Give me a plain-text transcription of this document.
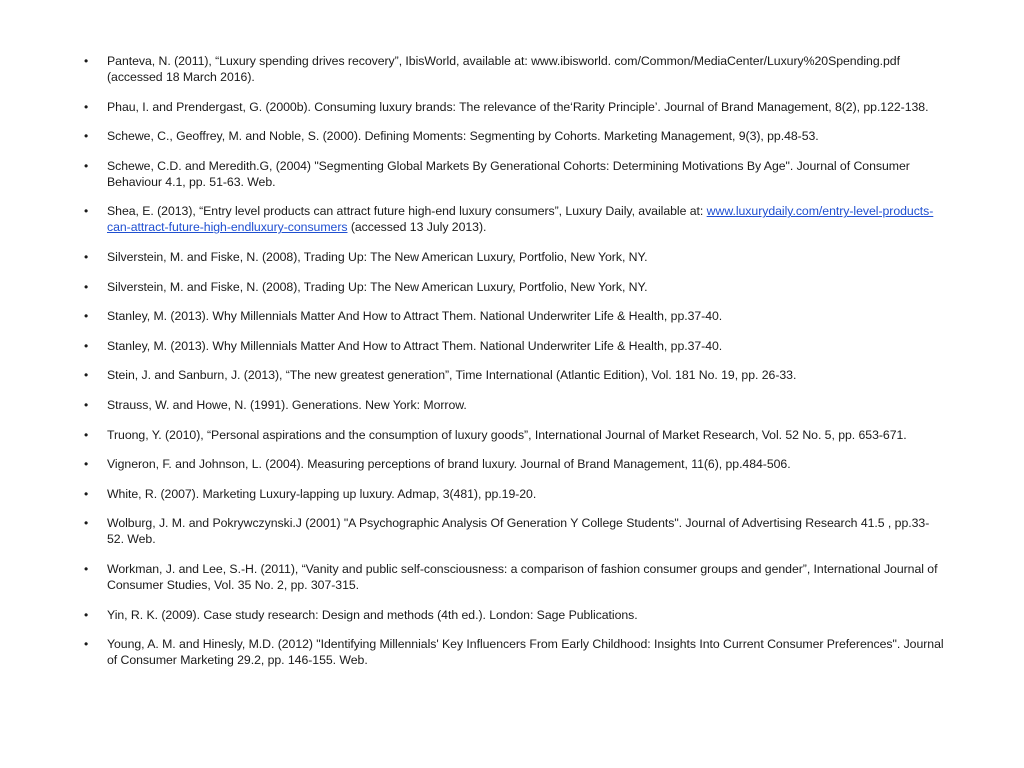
• Panteva, N. (2011), “Luxury spending drives recovery”, IbisWorld, available at: www.ibisworld. com/Common/MediaCenter/Luxury%20Spending.pdf (accessed 18 March 2016).
• Phau, I. and Prendergast, G. (2000b). Consuming luxury brands: The relevance of the‘Rarity Principle’. Journal of Brand Management, 8(2), pp.122-138.
• Schewe, C., Geoffrey, M. and Noble, S. (2000). Defining Moments: Segmenting by Cohorts. Marketing Management, 9(3), pp.48-53.
• Schewe, C.D. and Meredith.G, (2004) "Segmenting Global Markets By Generational Cohorts: Determining Motivations By Age". Journal of Consumer Behaviour 4.1, pp. 51-63. Web.
• Shea, E. (2013), “Entry level products can attract future high-end luxury consumers”, Luxury Daily, available at: www.luxurydaily.com/entry-level-products-can-attract-future-high-endluxury-consumers (accessed 13 July 2013).
• Silverstein, M. and Fiske, N. (2008), Trading Up: The New American Luxury, Portfolio, New York, NY.
• Silverstein, M. and Fiske, N. (2008), Trading Up: The New American Luxury, Portfolio, New York, NY.
• Stanley, M. (2013). Why Millennials Matter And How to Attract Them. National Underwriter Life & Health, pp.37-40.
• Stanley, M. (2013). Why Millennials Matter And How to Attract Them. National Underwriter Life & Health, pp.37-40.
• Stein, J. and Sanburn, J. (2013), “The new greatest generation”, Time International (Atlantic Edition), Vol. 181 No. 19, pp. 26-33.
• Strauss, W. and Howe, N. (1991). Generations. New York: Morrow.
• Truong, Y. (2010), “Personal aspirations and the consumption of luxury goods”, International Journal of Market Research, Vol. 52 No. 5, pp. 653-671.
• Vigneron, F. and Johnson, L. (2004). Measuring perceptions of brand luxury. Journal of Brand Management, 11(6), pp.484-506.
• White, R. (2007). Marketing Luxury-lapping up luxury. Admap, 3(481), pp.19-20.
• Wolburg, J. M. and Pokrywczynski.J (2001) "A Psychographic Analysis Of Generation Y College Students". Journal of Advertising Research 41.5 , pp.33-52. Web.
• Workman, J. and Lee, S.-H. (2011), “Vanity and public self-consciousness: a comparison of fashion consumer groups and gender”, International Journal of Consumer Studies, Vol. 35 No. 2, pp. 307-315.
• Yin, R. K. (2009). Case study research: Design and methods (4th ed.). London: Sage Publications.
• Young, A. M. and Hinesly, M.D. (2012) "Identifying Millennials' Key Influencers From Early Childhood: Insights Into Current Consumer Preferences". Journal of Consumer Marketing 29.2, pp. 146-155. Web.
